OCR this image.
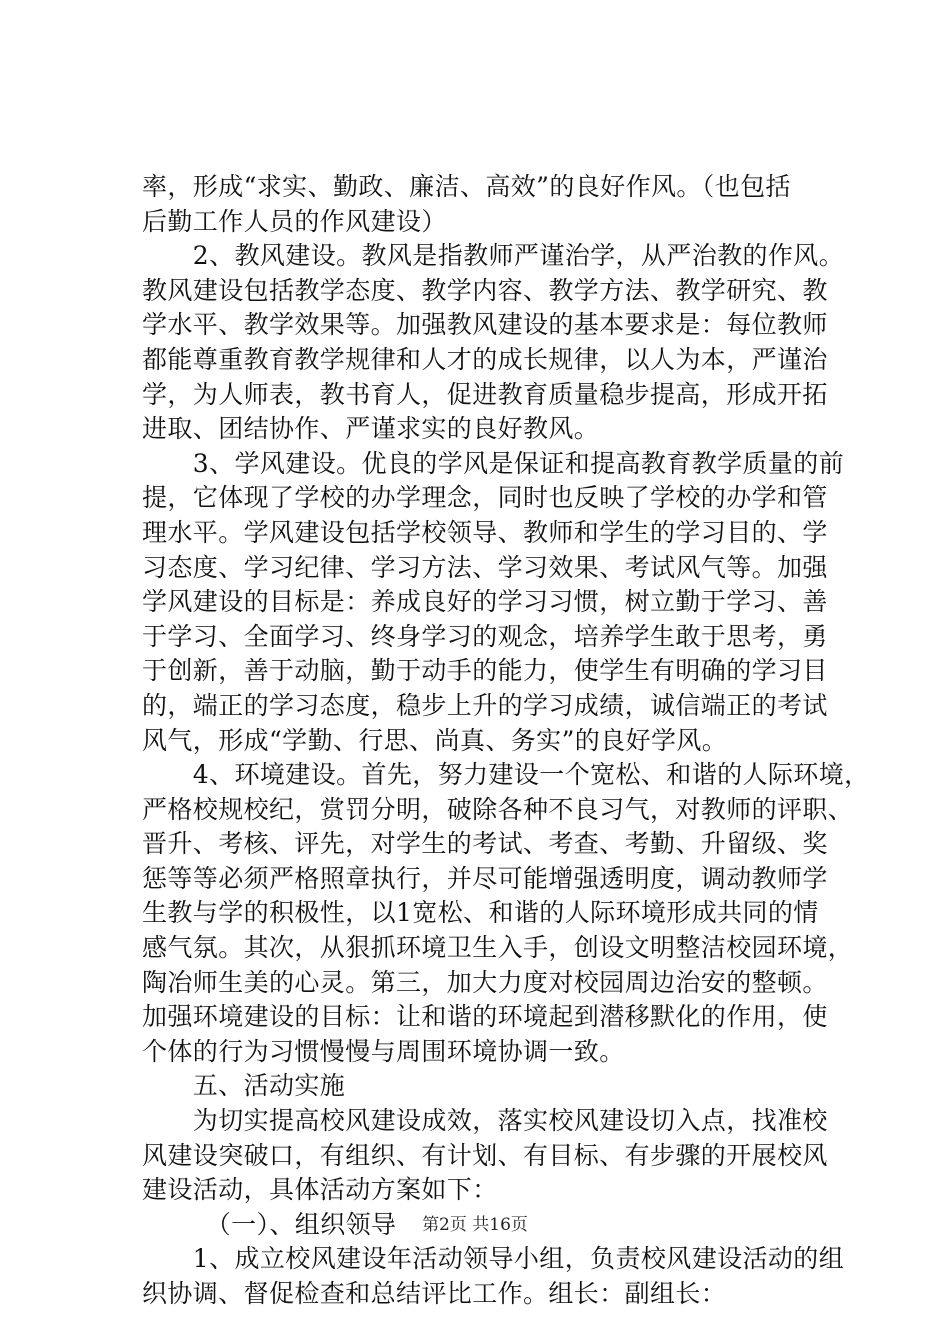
率，形成“求实、勤政、廉洁、高效”的良好作风。（也包括
后勤工作人员的作风建设）
　　2、教风建设。教风是指教师严谨治学，从严治教的作风。
教风建设包括教学态度、教学内容、教学方法、教学研究、教
学水平、教学效果等。加强教风建设的基本要求是：每位教师
都能尊重教育教学规律和人才的成长规律，以人为本，严谨治
学，为人师表，教书育人，促进教育质量稳步提高，形成开拓
进取、团结协作、严谨求实的良好教风。
　　3、学风建设。优良的学风是保证和提高教育教学质量的前
提，它体现了学校的办学理念，同时也反映了学校的办学和管
理水平。学风建设包括学校领导、教师和学生的学习目的、学
习态度、学习纪律、学习方法、学习效果、考试风气等。加强
学风建设的目标是：养成良好的学习习惯，树立勤于学习、善
于学习、全面学习、终身学习的观念，培养学生敢于思考，勇
于创新，善于动脑，勤于动手的能力，使学生有明确的学习目
的，端正的学习态度，稳步上升的学习成绩，诚信端正的考试
风气，形成“学勤、行思、尚真、务实”的良好学风。
　　4、环境建设。首先，努力建设一个宽松、和谐的人际环境，
严格校规校纪，赏罚分明，破除各种不良习气，对教师的评职、
晋升、考核、评先，对学生的考试、考查、考勤、升留级、奖
惩等等必须严格照章执行，并尽可能增强透明度，调动教师学
生教与学的积极性，以1宽松、和谐的人际环境形成共同的情
感气氛。其次，从狠抓环境卫生入手，创设文明整洁校园环境，
陶冶师生美的心灵。第三，加大力度对校园周边治安的整顿。
加强环境建设的目标：让和谐的环境起到潜移默化的作用，使
个体的行为习惯慢慢与周围环境协调一致。
　　五、活动实施
　　为切实提高校风建设成效，落实校风建设切入点，找准校
风建设突破口，有组织、有计划、有目标、有步骤的开展校风
建设活动，具体活动方案如下：
　　　（一）、组织领导
　　1、成立校风建设年活动领导小组，负责校风建设活动的组
织协调、督促检查和总结评比工作。组长：副组长：
第2页 共16页
